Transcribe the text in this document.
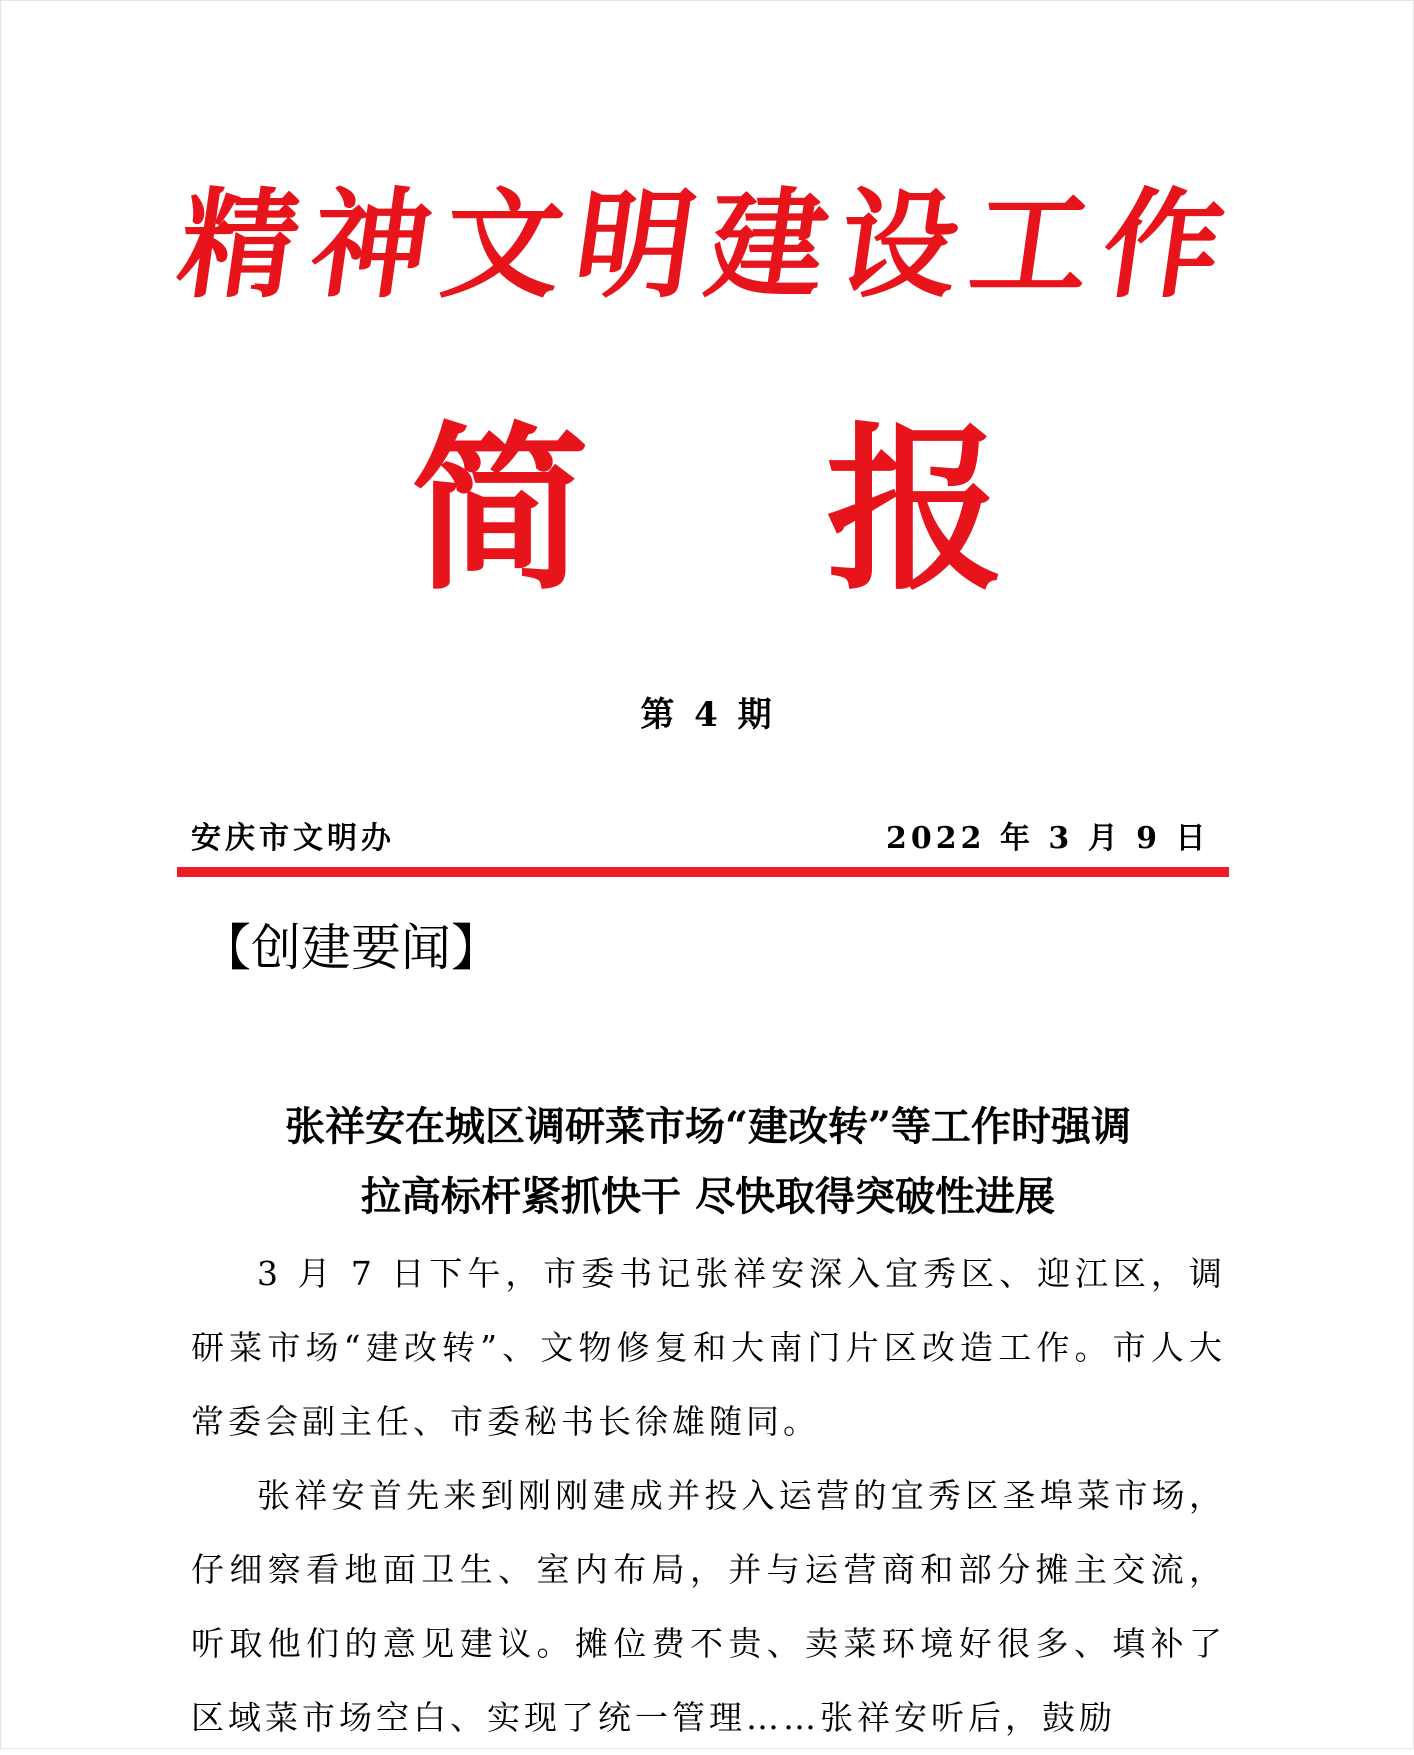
精神文明建设工作
简 报
第 4 期
安庆市文明办	2022 年 3 月 9 日
【创建要闻】
张祥安在城区调研菜市场“建改转”等工作时强调
拉高标杆紧抓快干 尽快取得突破性进展

3 月 7 日下午，市委书记张祥安深入宜秀区、迎江区，调研菜市场“建改转”、文物修复和大南门片区改造工作。市人大常委会副主任、市委秘书长徐雄随同。

张祥安首先来到刚刚建成并投入运营的宜秀区圣埠菜市场，仔细察看地面卫生、室内布局，并与运营商和部分摊主交流，听取他们的意见建议。摊位费不贵、卖菜环境好很多、填补了区域菜市场空白、实现了统一管理……张祥安听后，鼓励
